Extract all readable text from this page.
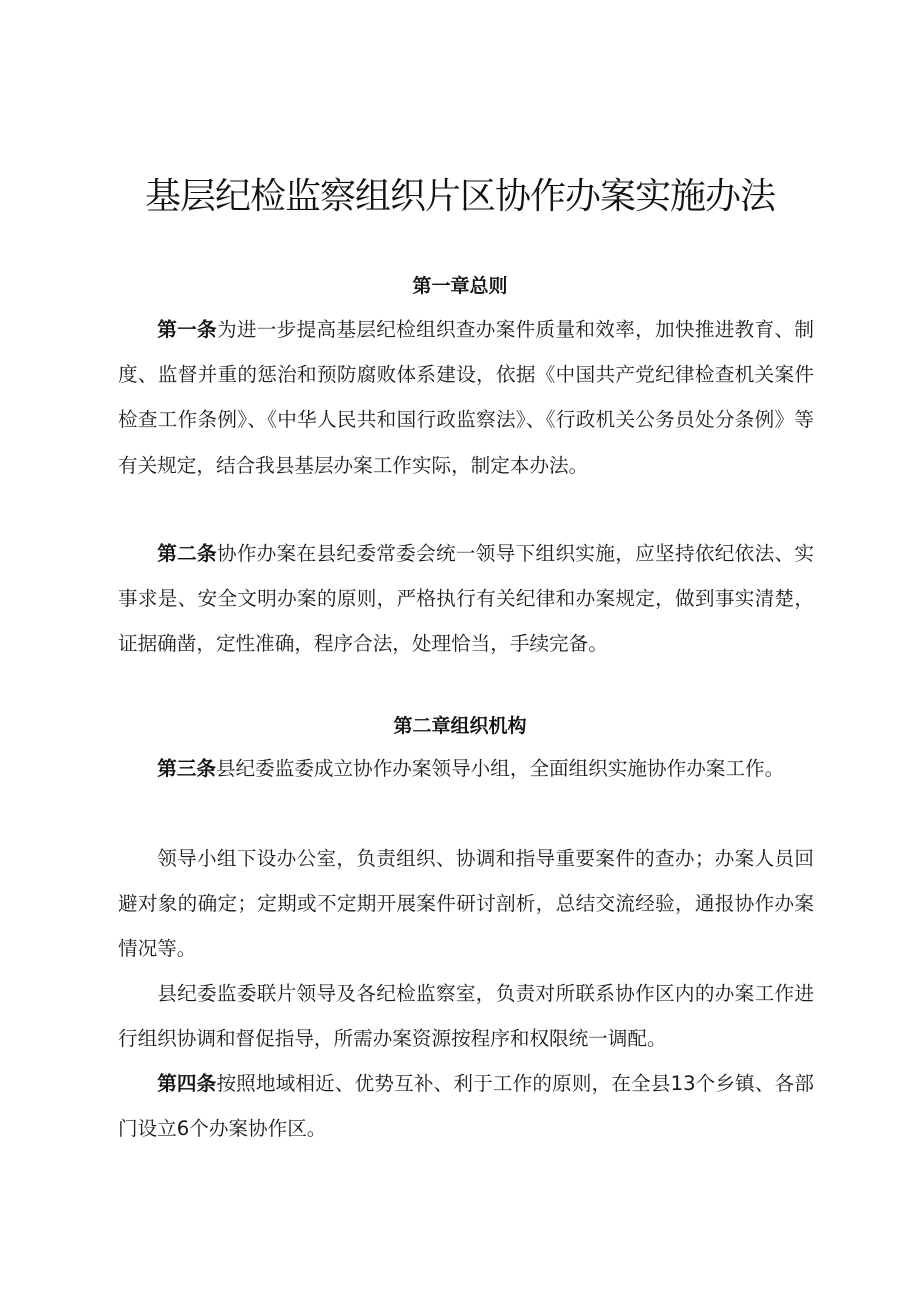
基层纪检监察组织片区协作办案实施办法
第一章总则
第一条为进一步提高基层纪检组织查办案件质量和效率，加快推进教育、制度、监督并重的惩治和预防腐败体系建设，依据《中国共产党纪律检查机关案件检查工作条例》、《中华人民共和国行政监察法》、《行政机关公务员处分条例》等有关规定，结合我县基层办案工作实际，制定本办法。
第二条协作办案在县纪委常委会统一领导下组织实施，应坚持依纪依法、实事求是、安全文明办案的原则，严格执行有关纪律和办案规定，做到事实清楚，证据确凿，定性准确，程序合法，处理恰当，手续完备。
第二章组织机构
第三条县纪委监委成立协作办案领导小组，全面组织实施协作办案工作。
领导小组下设办公室，负责组织、协调和指导重要案件的查办；办案人员回避对象的确定；定期或不定期开展案件研讨剖析，总结交流经验，通报协作办案情况等。
县纪委监委联片领导及各纪检监察室，负责对所联系协作区内的办案工作进行组织协调和督促指导，所需办案资源按程序和权限统一调配。
第四条按照地域相近、优势互补、利于工作的原则，在全县13个乡镇、各部门设立6个办案协作区。
